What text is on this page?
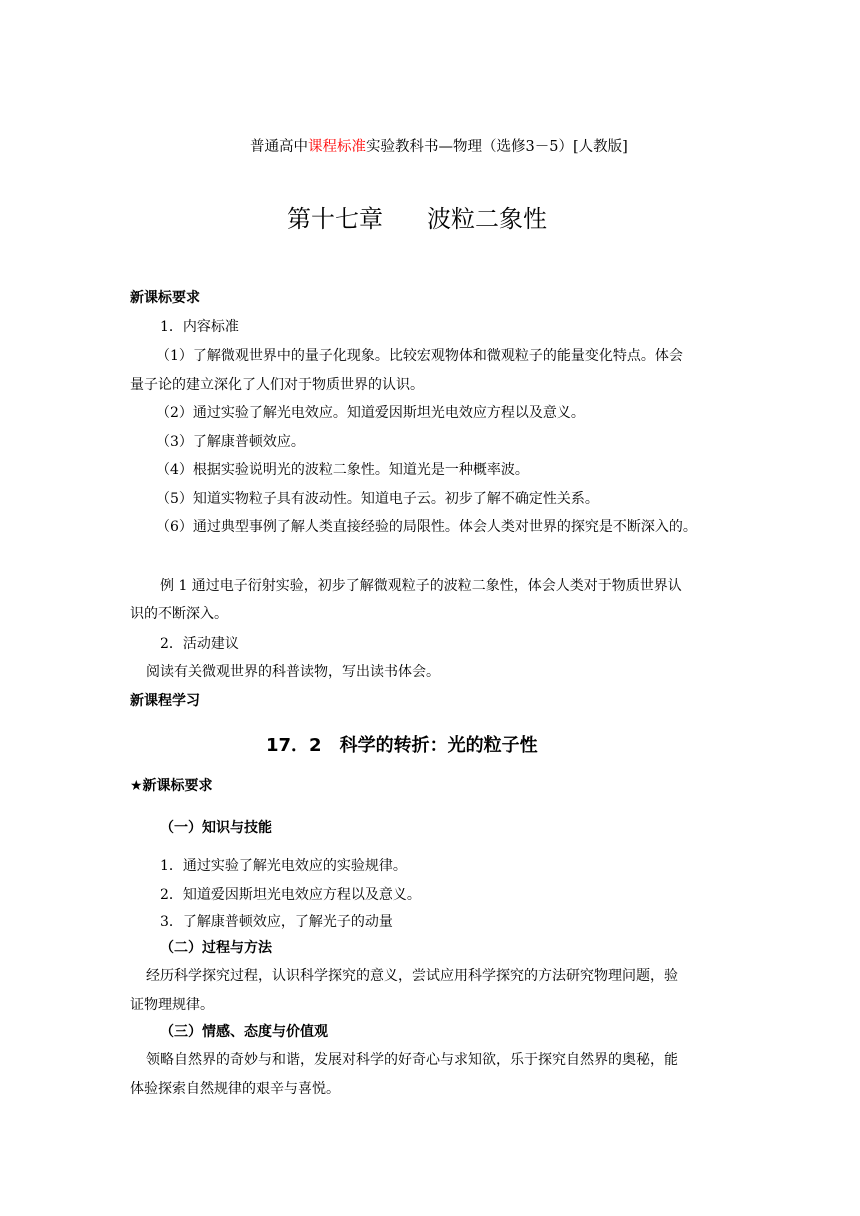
普通高中课程标准实验教科书—物理（选修3－5）[人教版]
第十七章 波粒二象性
新课标要求
1．内容标准
（1）了解微观世界中的量子化现象。比较宏观物体和微观粒子的能量变化特点。体会
量子论的建立深化了人们对于物质世界的认识。
（2）通过实验了解光电效应。知道爱因斯坦光电效应方程以及意义。
（3）了解康普顿效应。
（4）根据实验说明光的波粒二象性。知道光是一种概率波。
（5）知道实物粒子具有波动性。知道电子云。初步了解不确定性关系。
（6）通过典型事例了解人类直接经验的局限性。体会人类对世界的探究是不断深入的。
例 1 通过电子衍射实验，初步了解微观粒子的波粒二象性，体会人类对于物质世界认
识的不断深入。
2．活动建议
阅读有关微观世界的科普读物，写出读书体会。
新课程学习
17．2　科学的转折：光的粒子性
★新课标要求
（一）知识与技能
1．通过实验了解光电效应的实验规律。
2．知道爱因斯坦光电效应方程以及意义。
3．了解康普顿效应，了解光子的动量
（二）过程与方法
经历科学探究过程，认识科学探究的意义，尝试应用科学探究的方法研究物理问题，验
证物理规律。
（三）情感、态度与价值观
领略自然界的奇妙与和谐，发展对科学的好奇心与求知欲，乐于探究自然界的奥秘，能
体验探索自然规律的艰辛与喜悦。
